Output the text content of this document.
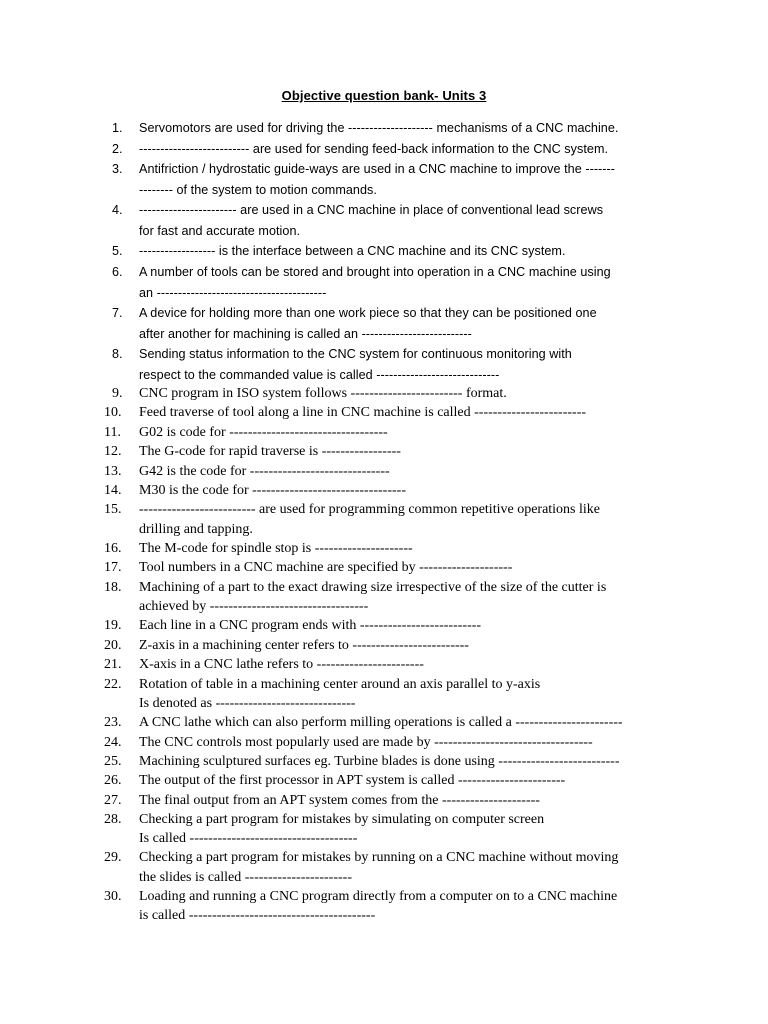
Objective question bank- Units 3
1. Servomotors are used for driving the -------------------- mechanisms of a CNC machine.
2. -------------------------- are used for sending feed-back information to the CNC system.
3. Antifriction / hydrostatic guide-ways are used in a CNC machine to improve the -------
-------- of the system to motion commands.
4. ----------------------- are used in a CNC machine in place of conventional lead screws
for fast and accurate motion.
5. ------------------ is the interface between a CNC machine and its CNC system.
6. A number of tools can be stored and brought into operation in a CNC machine using
an ----------------------------------------
7. A device for holding more than one work piece so that they can be positioned one
after another for machining is called an --------------------------
8. Sending status information to the CNC system for continuous monitoring with
respect to the commanded value is called -----------------------------
9. CNC program in ISO system follows ------------------------ format.
10. Feed traverse of tool along a line in CNC machine is called ------------------------
11. G02 is code for ----------------------------------
12. The G-code for rapid traverse is -----------------
13. G42 is the code for ------------------------------
14. M30 is the code for ---------------------------------
15. ------------------------- are used for programming common repetitive operations like
drilling and tapping.
16. The M-code for spindle stop is ---------------------
17. Tool numbers in a CNC machine are specified by --------------------
18. Machining of a part to the exact drawing size irrespective of the size of the cutter is
achieved by ----------------------------------
19. Each line in a CNC program ends with --------------------------
20. Z-axis in a machining center refers to -------------------------
21. X-axis in a CNC lathe refers to -----------------------
22. Rotation of table in a machining center around an axis parallel to y-axis
Is denoted as ------------------------------
23. A CNC lathe which can also perform milling operations is called a -----------------------
24. The CNC controls most popularly used are made by ----------------------------------
25. Machining sculptured surfaces eg. Turbine blades is done using --------------------------
26. The output of the first processor in APT system is called -----------------------
27. The final output from an APT system comes from the ---------------------
28. Checking a part program for mistakes by simulating on computer screen
Is called ------------------------------------
29. Checking a part program for mistakes by running on a CNC machine without moving
the slides is called -----------------------
30. Loading and running a CNC program directly from a computer on to a CNC machine
is called ----------------------------------------
